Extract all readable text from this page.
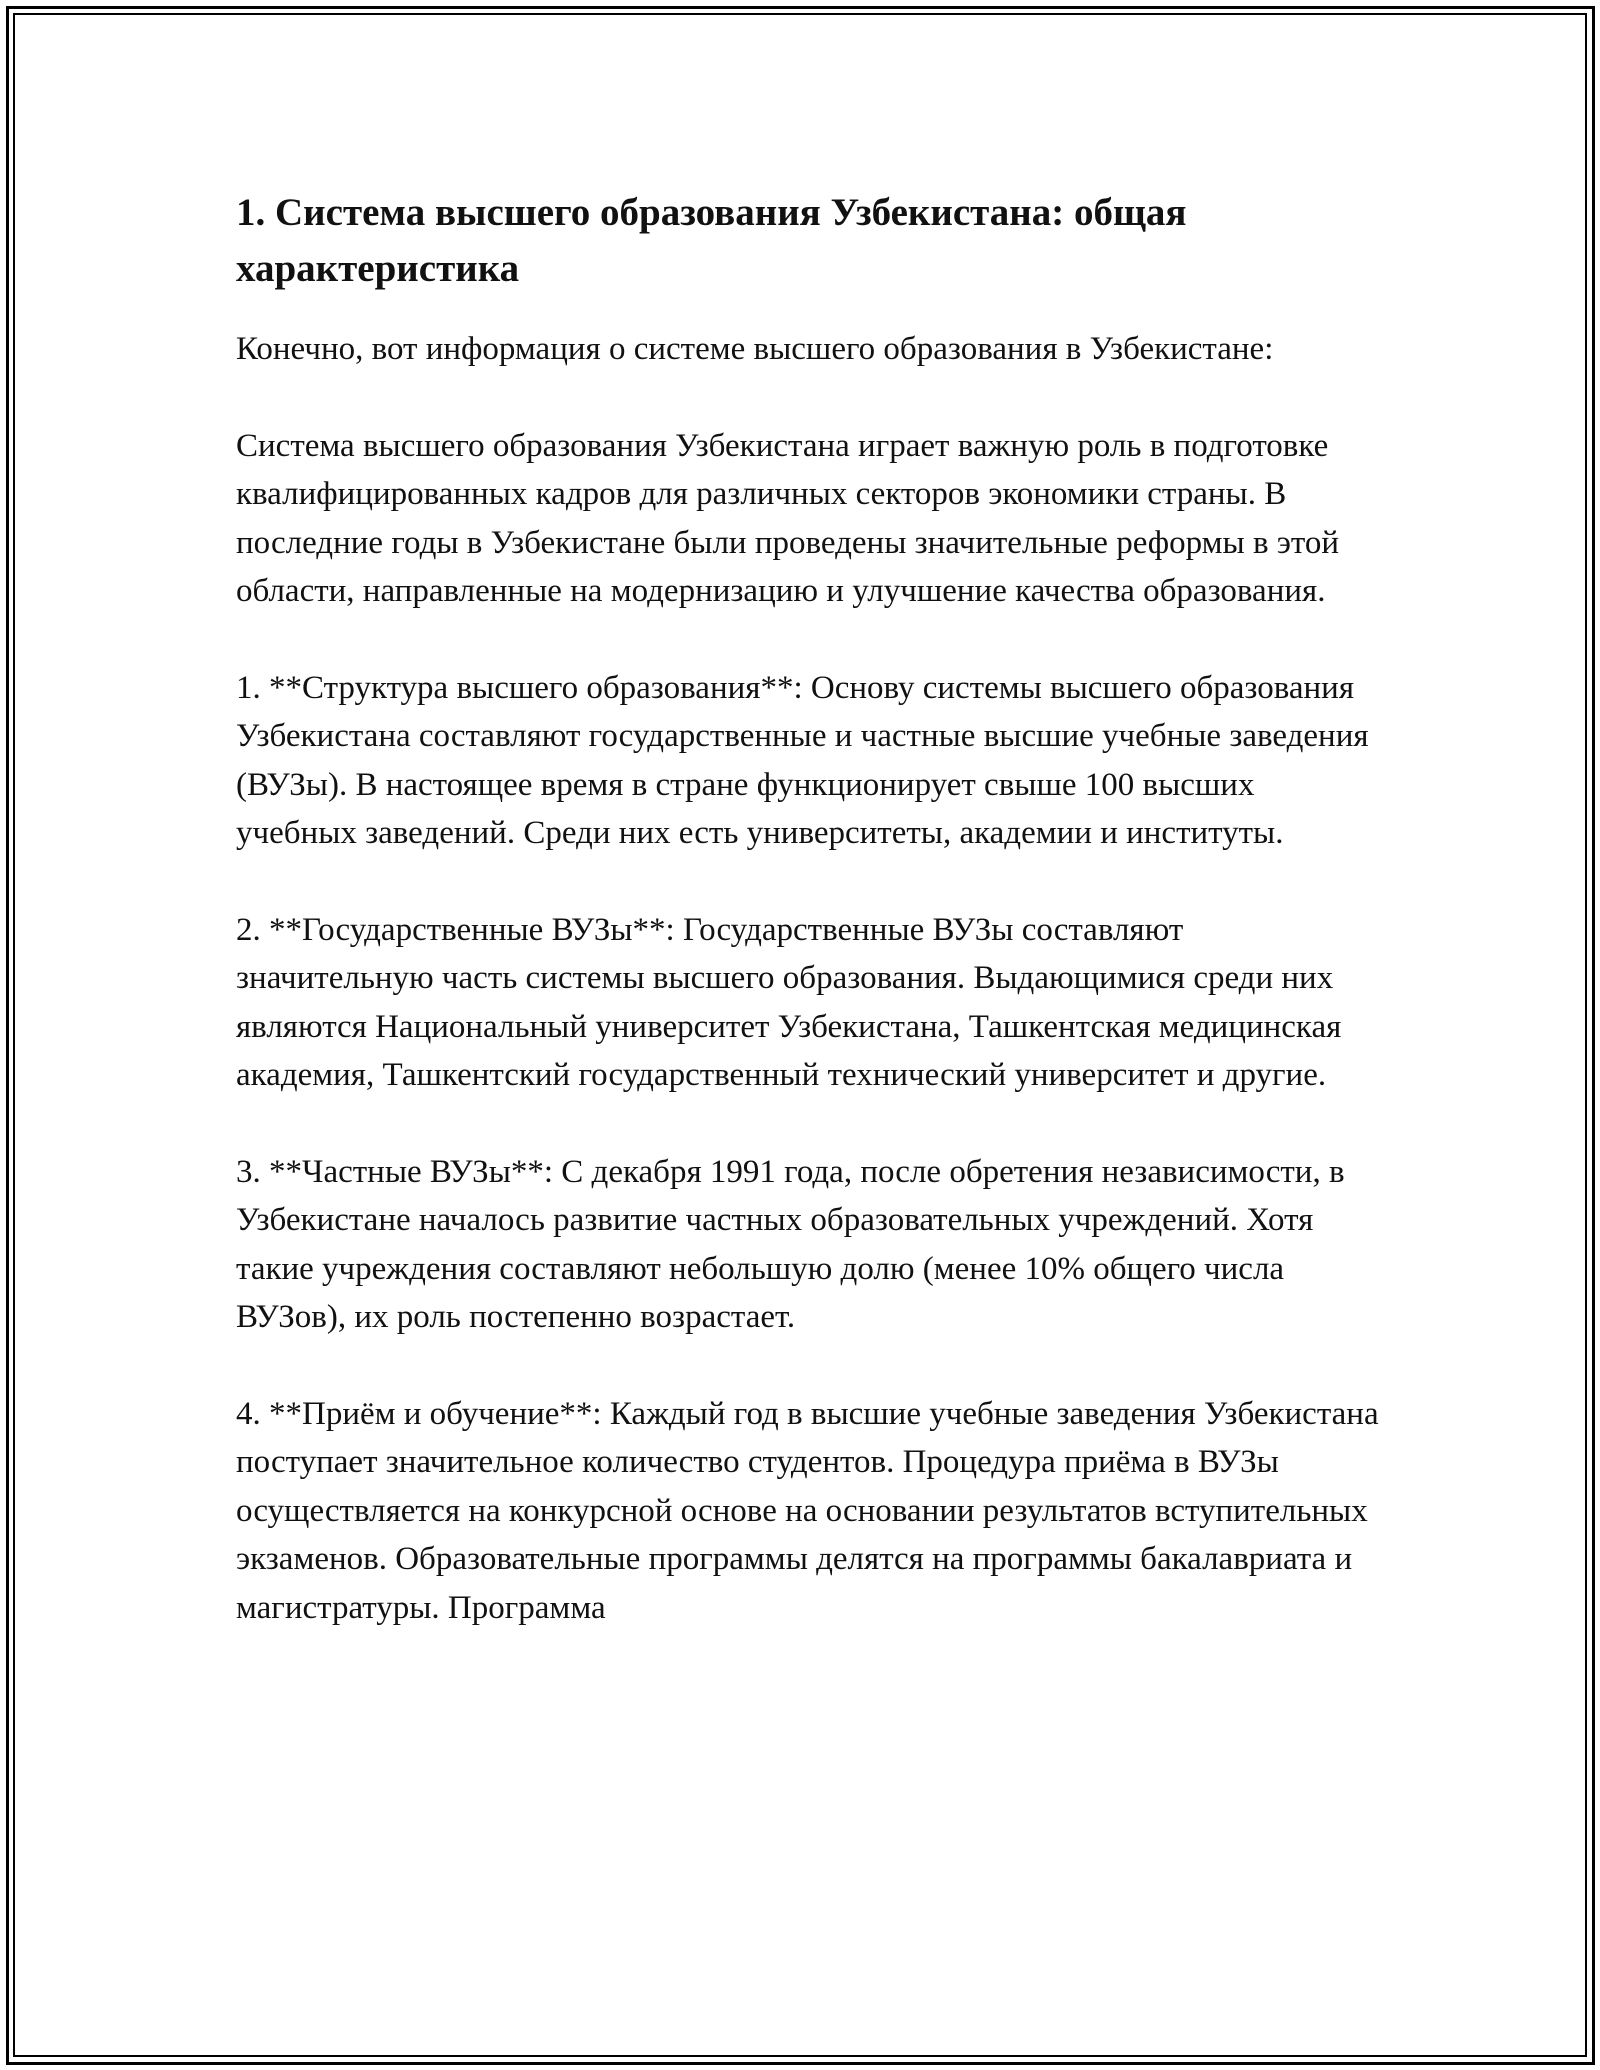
1. Система высшего образования Узбекистана: общая характеристика

Конечно, вот информация о системе высшего образования в Узбекистане:

Система высшего образования Узбекистана играет важную роль в подготовке квалифицированных кадров для различных секторов экономики страны. В последние годы в Узбекистане были проведены значительные реформы в этой области, направленные на модернизацию и улучшение качества образования.

1. **Структура высшего образования**: Основу системы высшего образования Узбекистана составляют государственные и частные высшие учебные заведения (ВУЗы). В настоящее время в стране функционирует свыше 100 высших учебных заведений. Среди них есть университеты, академии и институты.

2. **Государственные ВУЗы**: Государственные ВУЗы составляют значительную часть системы высшего образования. Выдающимися среди них являются Национальный университет Узбекистана, Ташкентская медицинская академия, Ташкентский государственный технический университет и другие.

3. **Частные ВУЗы**: С декабря 1991 года, после обретения независимости, в Узбекистане началось развитие частных образовательных учреждений. Хотя такие учреждения составляют небольшую долю (менее 10% общего числа ВУЗов), их роль постепенно возрастает.

4. **Приём и обучение**: Каждый год в высшие учебные заведения Узбекистана поступает значительное количество студентов. Процедура приёма в ВУЗы осуществляется на конкурсной основе на основании результатов вступительных экзаменов. Образовательные программы делятся на программы бакалавриата и магистратуры. Программа
